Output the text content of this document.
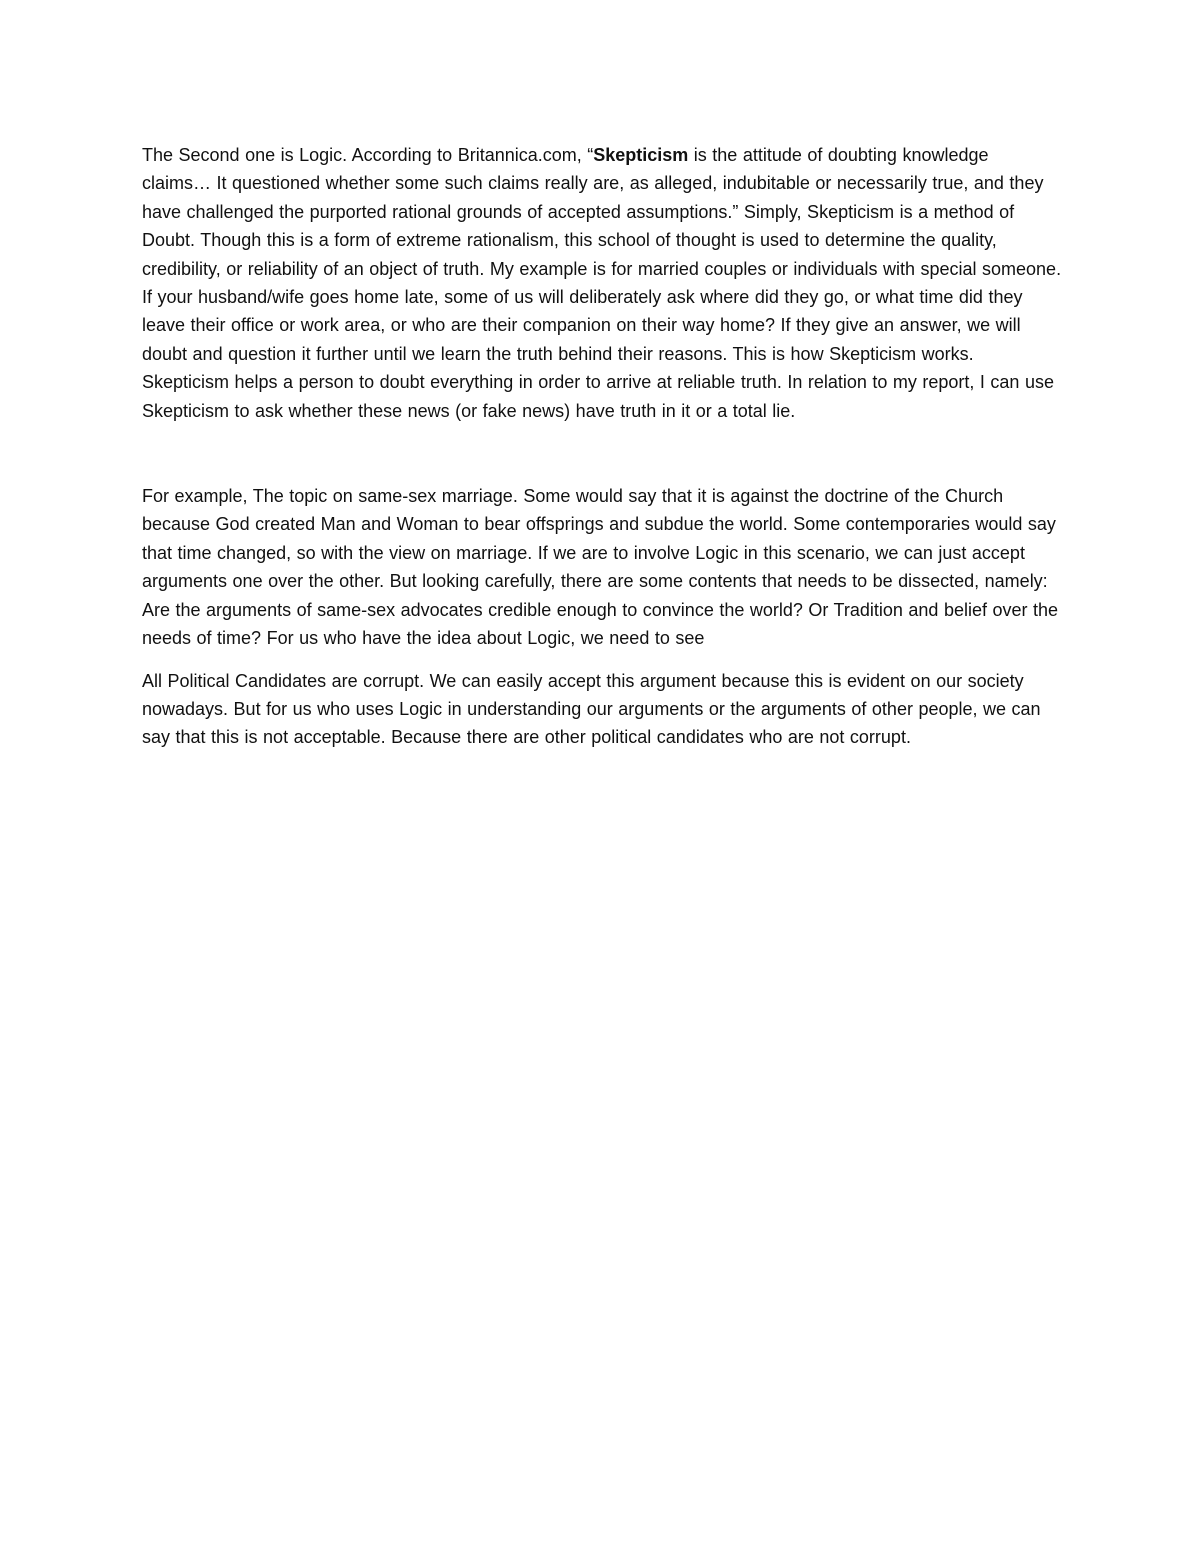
The Second one is Logic. According to Britannica.com, “Skepticism is the attitude of doubting knowledge claims… It questioned whether some such claims really are, as alleged, indubitable or necessarily true, and they have challenged the purported rational grounds of accepted assumptions.” Simply, Skepticism is a method of Doubt. Though this is a form of extreme rationalism, this school of thought is used to determine the quality, credibility, or reliability of an object of truth. My example is for married couples or individuals with special someone. If your husband/wife goes home late, some of us will deliberately ask where did they go, or what time did they leave their office or work area, or who are their companion on their way home? If they give an answer, we will doubt and question it further until we learn the truth behind their reasons. This is how Skepticism works. Skepticism helps a person to doubt everything in order to arrive at reliable truth. In relation to my report, I can use Skepticism to ask whether these news (or fake news) have truth in it or a total lie.

For example, The topic on same-sex marriage. Some would say that it is against the doctrine of the Church because God created Man and Woman to bear offsprings and subdue the world. Some contemporaries would say that time changed, so with the view on marriage. If we are to involve Logic in this scenario, we can just accept arguments one over the other. But looking carefully, there are some contents that needs to be dissected, namely: Are the arguments of same-sex advocates credible enough to convince the world? Or Tradition and belief over the needs of time? For us who have the idea about Logic, we need to see

All Political Candidates are corrupt. We can easily accept this argument because this is evident on our society nowadays. But for us who uses Logic in understanding our arguments or the arguments of other people, we can say that this is not acceptable. Because there are other political candidates who are not corrupt.
